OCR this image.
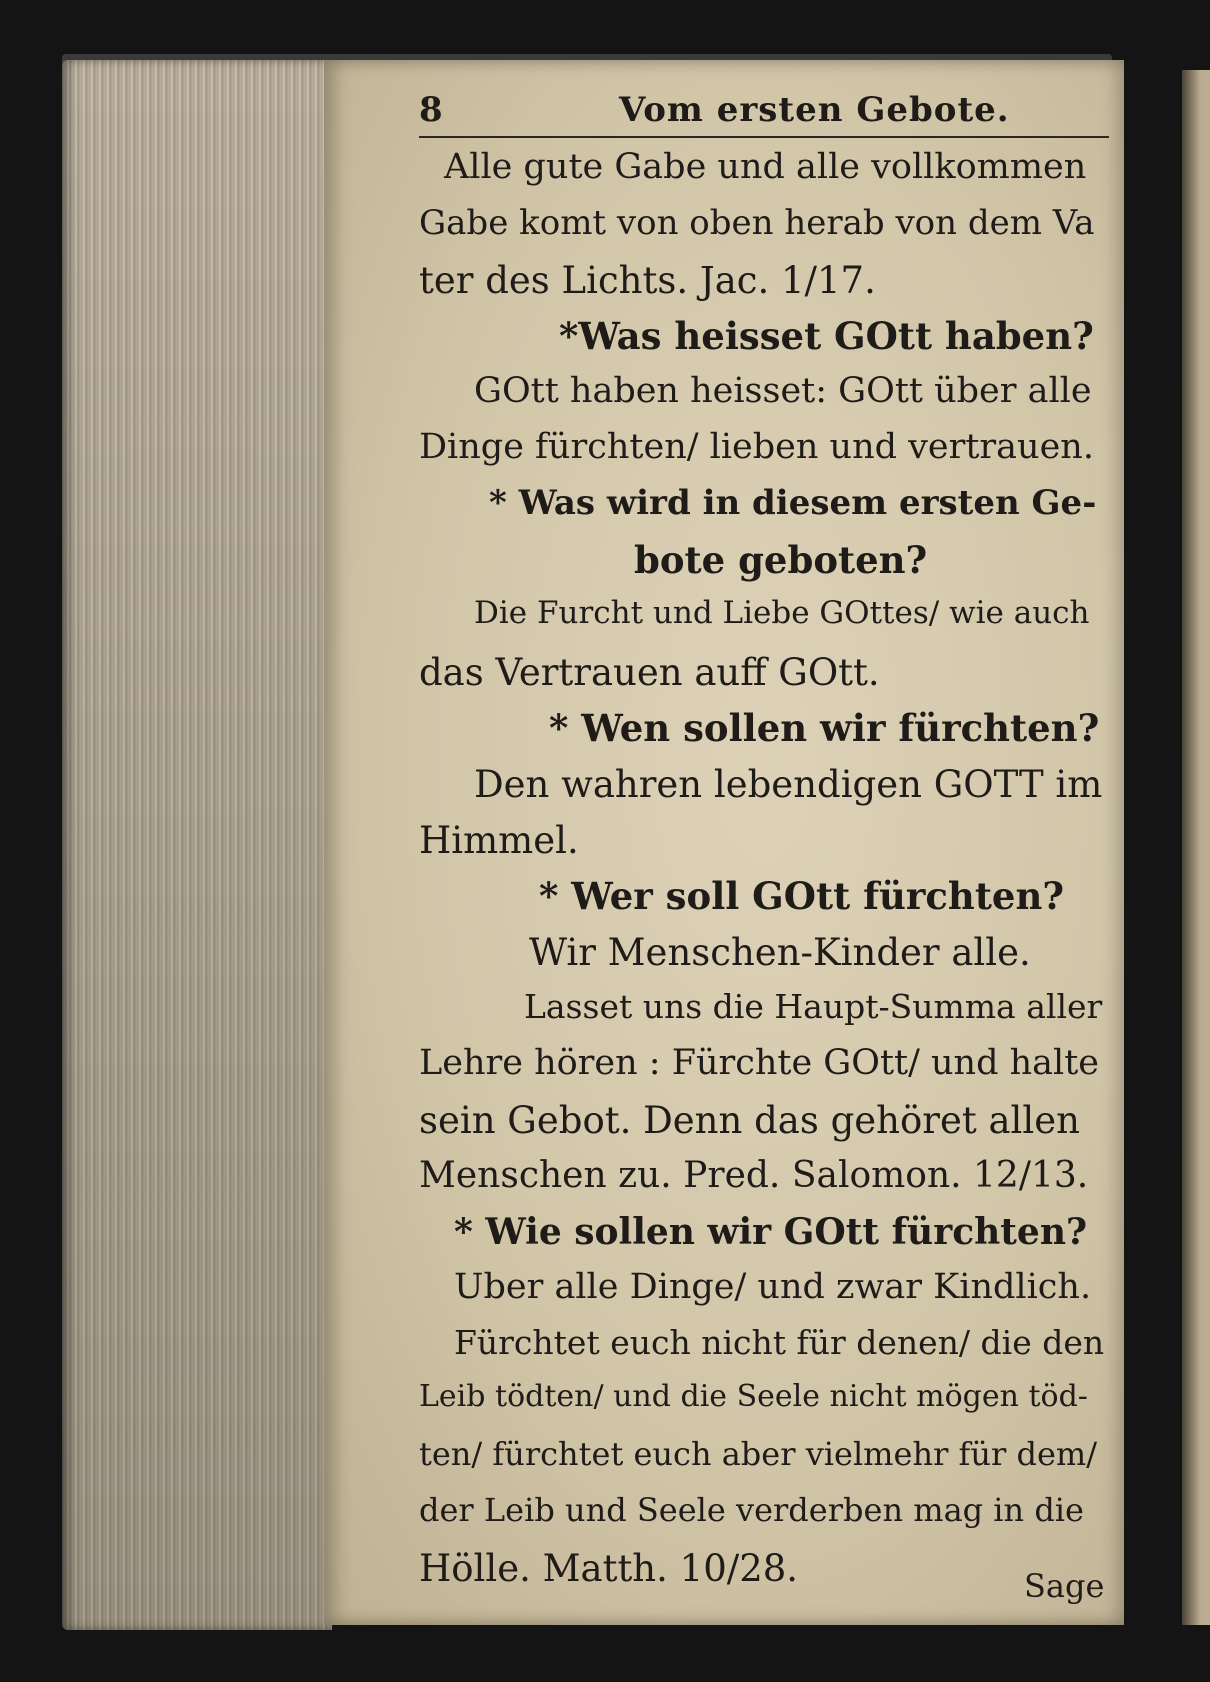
8	Vom ersten Gebote.
Alle gute Gabe und alle vollkommen
Gabe komt von oben herab von dem Va
ter des Lichts. Jac. 1/17.
*Was heisset GOtt haben?
GOtt haben heisset: GOtt über alle
Dinge fürchten/ lieben und vertrauen.
* Was wird in diesem ersten Ge-
bote geboten?
Die Furcht und Liebe GOttes/ wie auch
das Vertrauen auff GOtt.
* Wen sollen wir fürchten?
Den wahren lebendigen GOTT im
Himmel.
* Wer soll GOtt fürchten?
Wir Menschen-Kinder alle.
Lasset uns die Haupt-Summa aller
Lehre hören : Fürchte GOtt/ und halte
sein Gebot. Denn das gehöret allen
Menschen zu. Pred. Salomon. 12/13.
* Wie sollen wir GOtt fürchten?
Uber alle Dinge/ und zwar Kindlich.
Fürchtet euch nicht für denen/ die den
Leib tödten/ und die Seele nicht mögen töd-
ten/ fürchtet euch aber vielmehr für dem/
der Leib und Seele verderben mag in die
Hölle. Matth. 10/28.	Sage
